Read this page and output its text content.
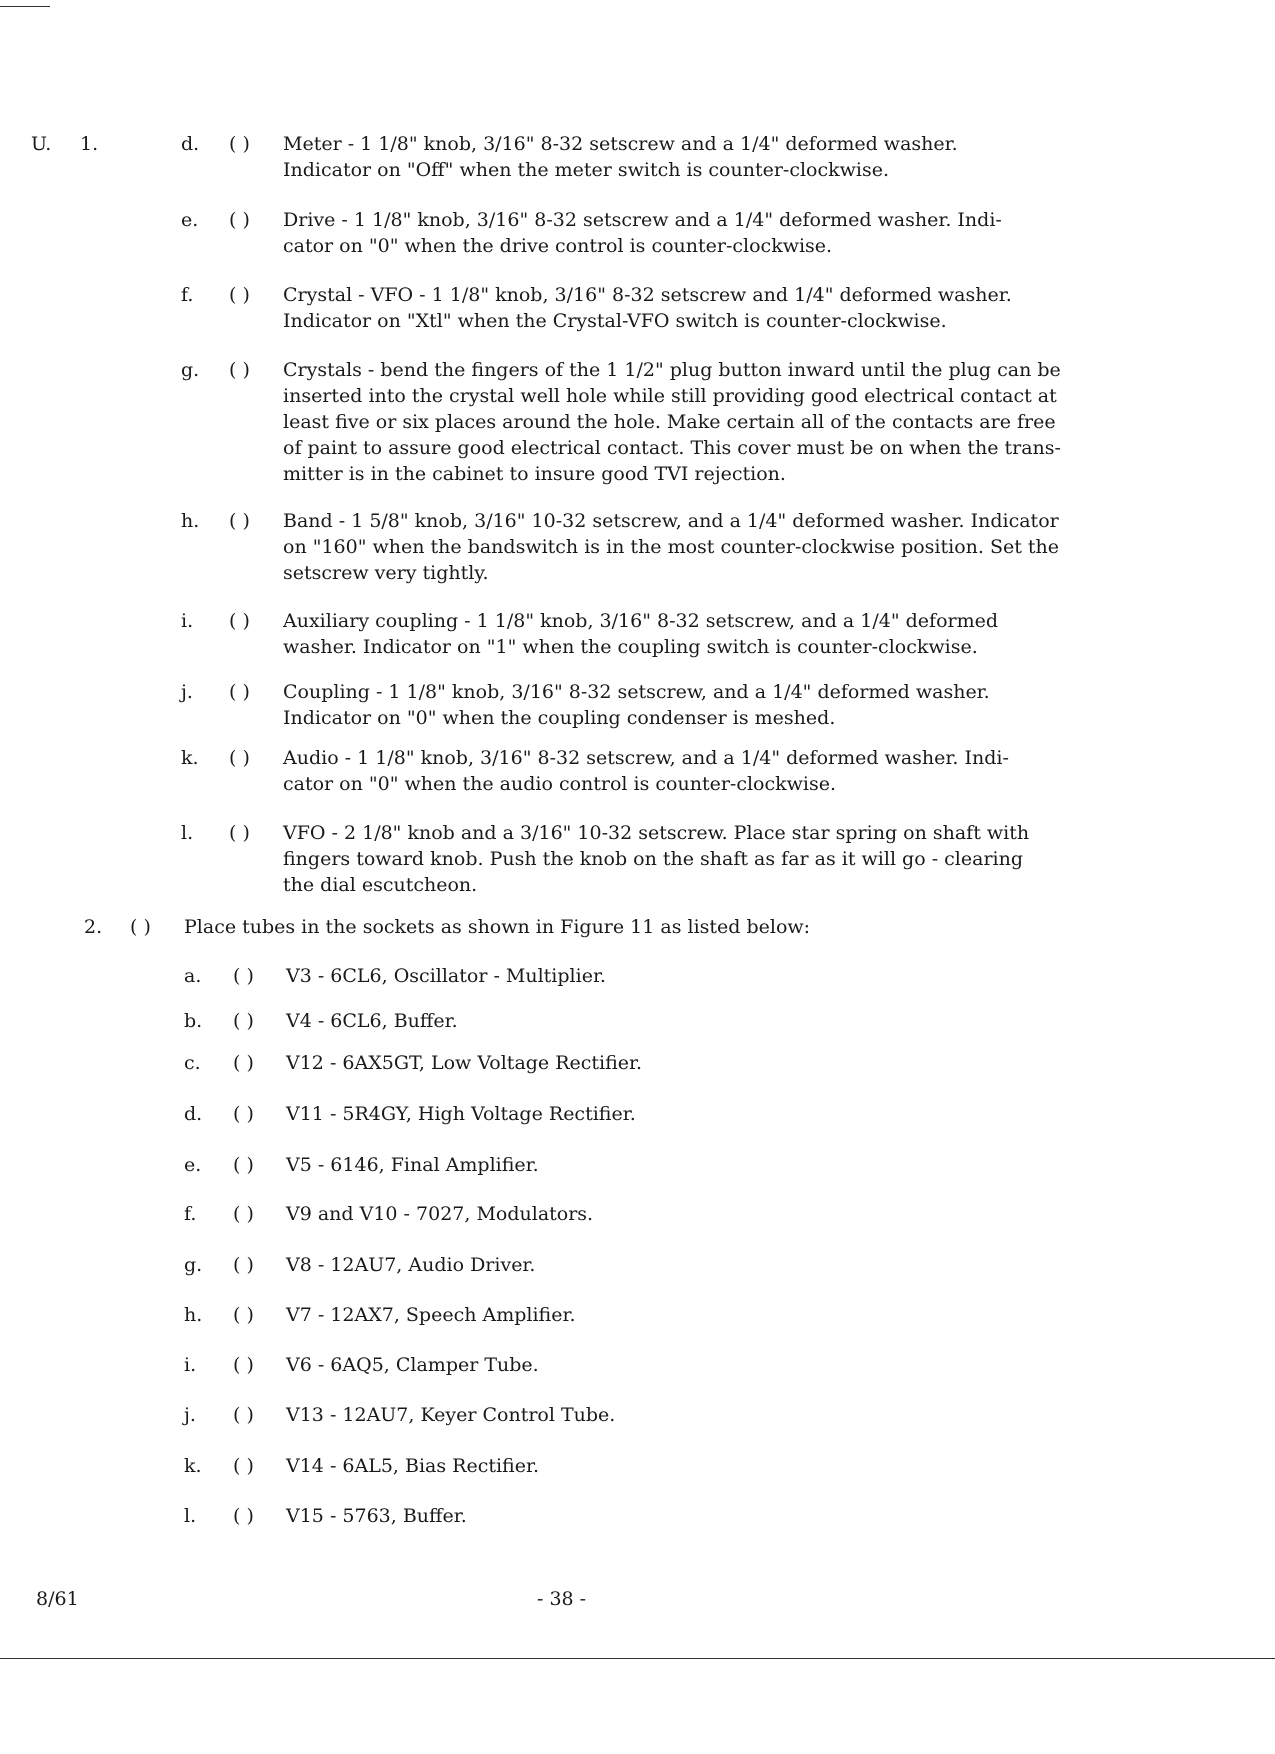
U. 1.	d. ( ) Meter - 1 1/8" knob, 3/16" 8-32 setscrew and a 1/4" deformed washer.
Indicator on "Off" when the meter switch is counter-clockwise.
e. ( ) Drive - 1 1/8" knob, 3/16" 8-32 setscrew and a 1/4" deformed washer. Indi-
cator on "0" when the drive control is counter-clockwise.
f. ( ) Crystal - VFO - 1 1/8" knob, 3/16" 8-32 setscrew and 1/4" deformed washer.
Indicator on "Xtl" when the Crystal-VFO switch is counter-clockwise.
g. ( ) Crystals - bend the fingers of the 1 1/2" plug button inward until the plug can be
inserted into the crystal well hole while still providing good electrical contact at
least five or six places around the hole. Make certain all of the contacts are free
of paint to assure good electrical contact. This cover must be on when the trans-
mitter is in the cabinet to insure good TVI rejection.
h. ( ) Band - 1 5/8" knob, 3/16" 10-32 setscrew, and a 1/4" deformed washer. Indicator
on "160" when the bandswitch is in the most counter-clockwise position. Set the
setscrew very tightly.
i. ( ) Auxiliary coupling - 1 1/8" knob, 3/16" 8-32 setscrew, and a 1/4" deformed
washer. Indicator on "1" when the coupling switch is counter-clockwise.
j. ( ) Coupling - 1 1/8" knob, 3/16" 8-32 setscrew, and a 1/4" deformed washer.
Indicator on "0" when the coupling condenser is meshed.
k. ( ) Audio - 1 1/8" knob, 3/16" 8-32 setscrew, and a 1/4" deformed washer. Indi-
cator on "0" when the audio control is counter-clockwise.
l. ( ) VFO - 2 1/8" knob and a 3/16" 10-32 setscrew. Place star spring on shaft with
fingers toward knob. Push the knob on the shaft as far as it will go - clearing
the dial escutcheon.
2. ( ) Place tubes in the sockets as shown in Figure 11 as listed below:
a. ( ) V3 - 6CL6, Oscillator - Multiplier.
b. ( ) V4 - 6CL6, Buffer.
c. ( ) V12 - 6AX5GT, Low Voltage Rectifier.
d. ( ) V11 - 5R4GY, High Voltage Rectifier.
e. ( ) V5 - 6146, Final Amplifier.
f. ( ) V9 and V10 - 7027, Modulators.
g. ( ) V8 - 12AU7, Audio Driver.
h. ( ) V7 - 12AX7, Speech Amplifier.
i. ( ) V6 - 6AQ5, Clamper Tube.
j. ( ) V13 - 12AU7, Keyer Control Tube.
k. ( ) V14 - 6AL5, Bias Rectifier.
l. ( ) V15 - 5763, Buffer.
8/61	- 38 -
